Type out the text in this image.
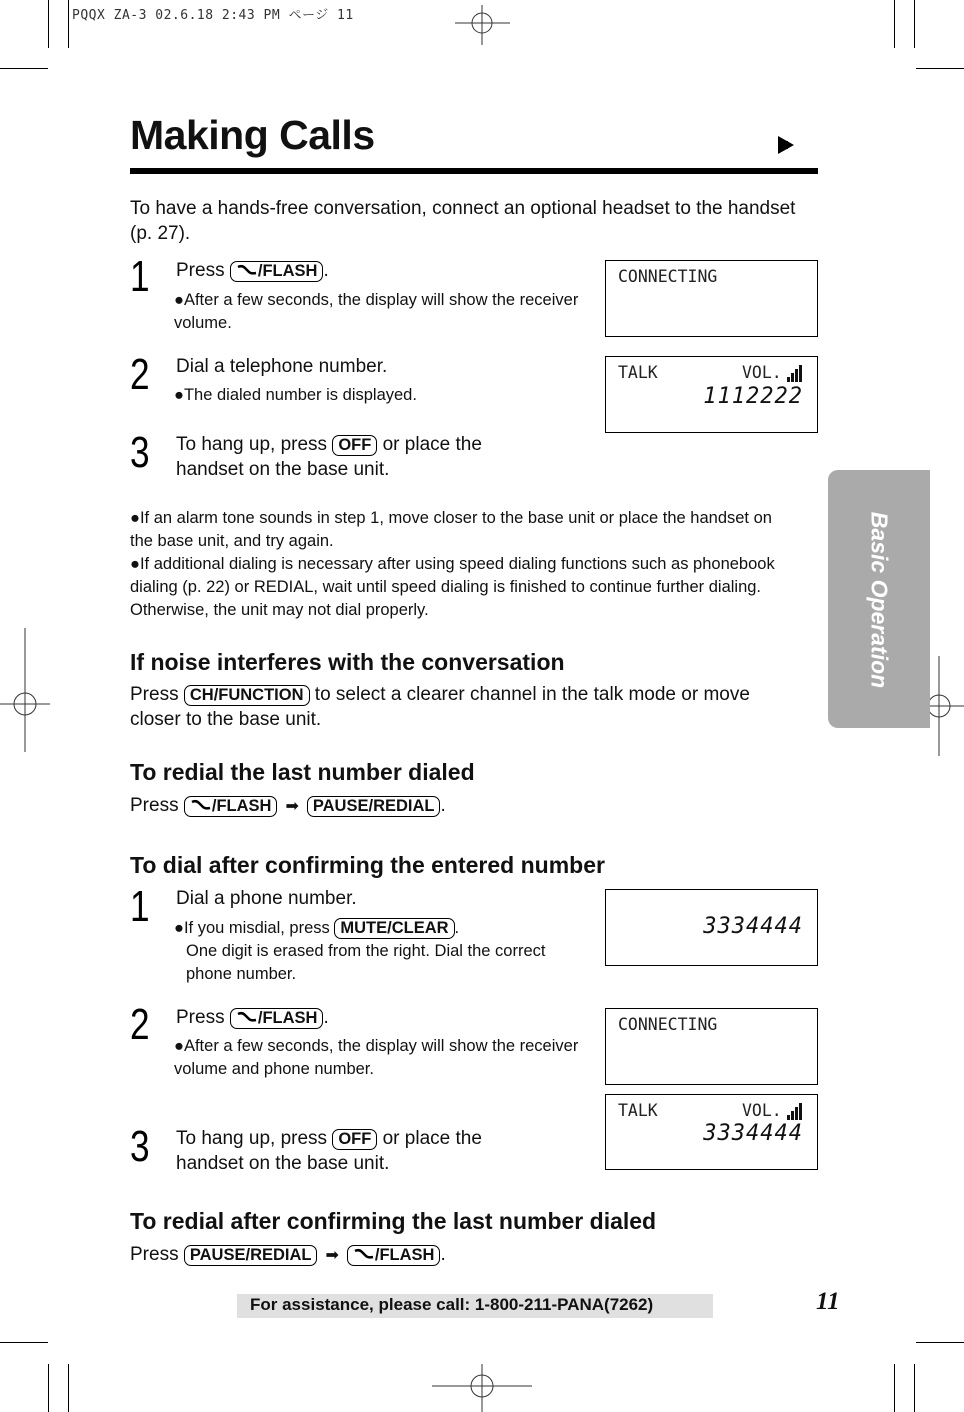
PQQX ZA-3 02.6.18 2:43 PM ページ 11
Making Calls
To have a hands-free conversation, connect an optional headset to the handset (p. 27).
1 Press /FLASH .
●After a few seconds, the display will show the receiver volume.
2 Dial a telephone number.
●The dialed number is displayed.
3 To hang up, press OFF or place the handset on the base unit.
CONNECTING
TALK	VOL.
1112222
●If an alarm tone sounds in step 1, move closer to the base unit or place the handset on the base unit, and try again.
●If additional dialing is necessary after using speed dialing functions such as phonebook dialing (p. 22) or REDIAL, wait until speed dialing is finished to continue further dialing. Otherwise, the unit may not dial properly.
If noise interferes with the conversation
Press CH/FUNCTION to select a clearer channel in the talk mode or move closer to the base unit.
To redial the last number dialed
Press /FLASH ➡ PAUSE/REDIAL .
To dial after confirming the entered number
1 Dial a phone number.
●If you misdial, press MUTE/CLEAR .
One digit is erased from the right. Dial the correct phone number.
2 Press /FLASH .
●After a few seconds, the display will show the receiver volume and phone number.
3 To hang up, press OFF or place the handset on the base unit.
3334444
CONNECTING
TALK	VOL.
3334444
To redial after confirming the last number dialed
Press PAUSE/REDIAL ➡ /FLASH .
Basic Operation
For assistance, please call: 1-800-211-PANA(7262)	11
